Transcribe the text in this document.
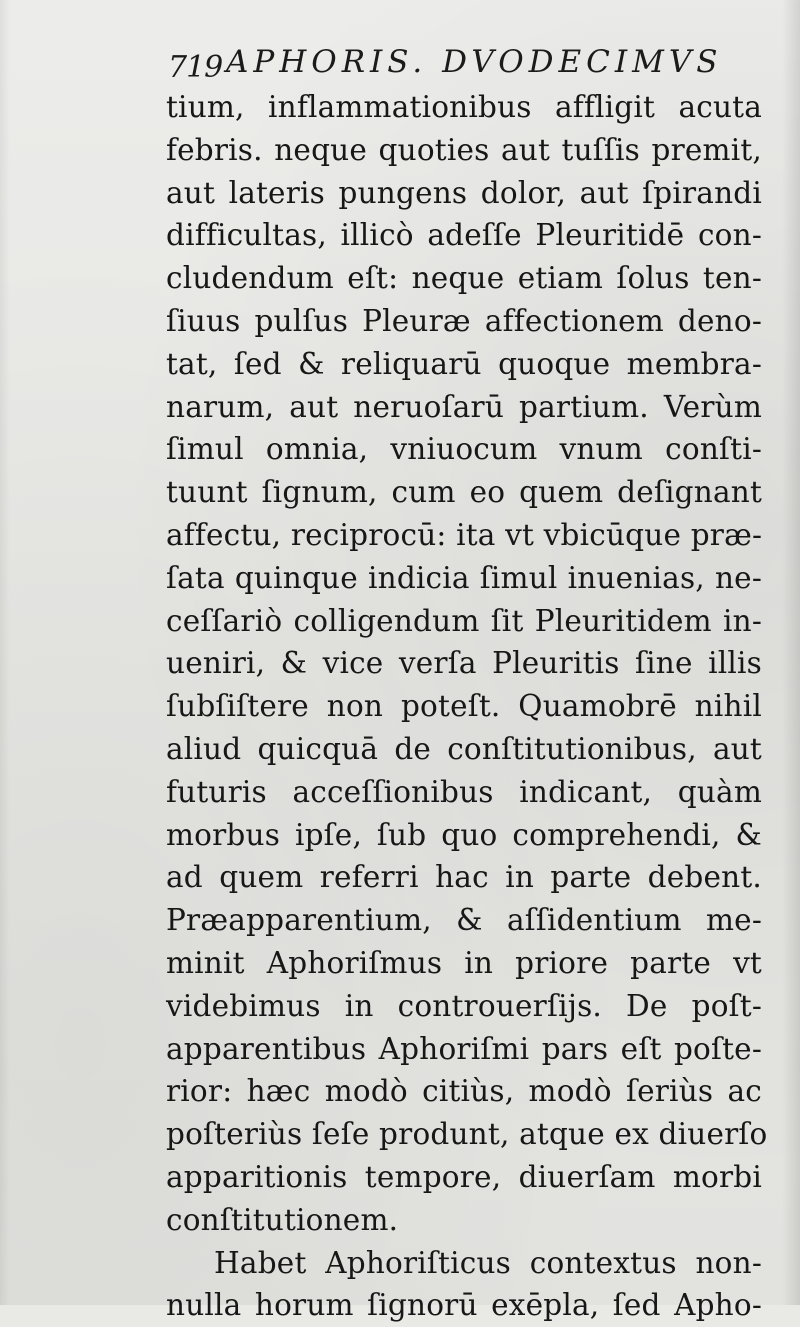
719 APHORIS. DVODECIMVS
tium, inflammationibus affligit acuta
febris. neque quoties aut tuſſis premit,
aut lateris pungens dolor, aut ſpirandi
difficultas, illicò adeſſe Pleuritidē con-
cludendum eſt: neque etiam ſolus ten-
ſiuus pulſus Pleuræ affectionem deno-
tat, ſed & reliquarū quoque membra-
narum, aut neruoſarū partium. Verùm
ſimul omnia, vniuocum vnum conſti-
tuunt ſignum, cum eo quem deſignant
affectu, reciprocū: ita vt vbicūque præ-
ſata quinque indicia ſimul inuenias, ne-
ceſſariò colligendum ſit Pleuritidem in-
ueniri, & vice verſa Pleuritis ſine illis
ſubſiſtere non poteſt. Quamobrē nihil
aliud quicquā de conſtitutionibus, aut
futuris acceſſionibus indicant, quàm
morbus ipſe, ſub quo comprehendi, &
ad quem referri hac in parte debent.
Præapparentium, & aſſidentium me-
minit Aphoriſmus in priore parte vt
videbimus in controuerſijs. De poſt-
apparentibus Aphoriſmi pars eſt poſte-
rior: hæc modò citiùs, modò ſeriùs ac
poſteriùs ſeſe produnt, atque ex diuerſo
apparitionis tempore, diuerſam morbi
conſtitutionem.
Habet Aphoriſticus contextus non-
nulla horum ſignorū exēpla, ſed Apho-
